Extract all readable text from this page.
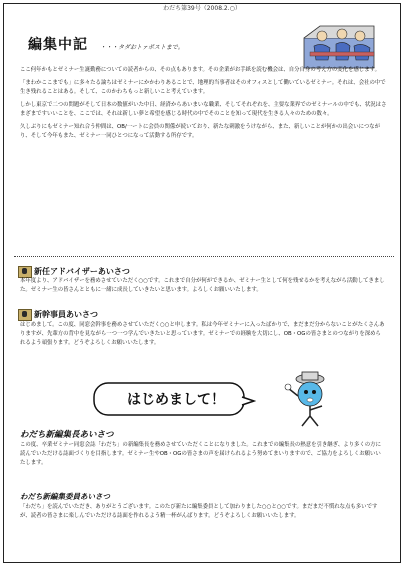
わだち第39号（2008.2.○）
編集中記 ・・・タダおトァポストまで。

ここ何年かもとゼミナー生誕勤務についての読者からの、その点もあります。その企業がお手紙を読む機会は、自分自身の考え方の変化を感じます。

「まわかここまでも」に多々たる論ちはゼミナーにかかわりあることで、地理的当事者はそのオフィスとして働いているゼミナー。それは、会社の中で生き残れることはある。そして、このかわちもっと新しいこと考えています。

しかし東京で二つの問題がそして日本の数値がいた中日、経済からあいまいな職業、そしてそれぞれを、主要な業界でのゼミナールの中でも、状況はさまざまですいいことを、ここでは、それは新しい夢と希望を感じる時代の中でそのことを知って現代を生きる人々のための数々。

久しぶりにもゼミナー知れ合う仲間は、OB/一ートに会員の関係が続いており、新たな刺激をうけながら、また、新しいことが何かの出会いにつながり、そして今年もまた、ゼミナー一同ひとつになって活動する所存です。

新任アドバイザーあいさつ
本年度より、アドバイザーを務めさせていただく○○です。これまで自分が何ができるか、ゼミナー生として何を残せるかを考えながら活動してきました。ゼミナー生の皆さんとともに一緒に成長していきたいと思います。よろしくお願いいたします。
新幹事員あいさつ
はじめまして。この度、同窓会幹事を務めさせていただく○○と申します。私は今年ゼミナーに入ったばかりで、まだまだ分からないことがたくさんありますが、先輩方の背中を見ながら一つ一つ学んでいきたいと思っています。ゼミナーでの経験を大切にし、OB・OGの皆さまとのつながりを深められるよう頑張ります。どうぞよろしくお願いいたします。
はじめまして！
わだち新編集長あいさつ
この度、卒業ゼミナー同窓会誌「わだち」の新編集長を務めさせていただくことになりました。これまでの編集長の熱意を引き継ぎ、より多くの方に読んでいただける誌面づくりを目指します。ゼミナー生やOB・OGの皆さまの声を届けられるよう努めてまいりますので、ご協力をよろしくお願いいたします。
わだち新編集委員あいさつ
「わだち」を読んでいただき、ありがとうございます。このたび新たに編集委員として加わりました○○と○○です。まだまだ不慣れな点も多いですが、読者の皆さまに楽しんでいただける誌面を作れるよう精一杯がんばります。どうぞよろしくお願いいたします。
